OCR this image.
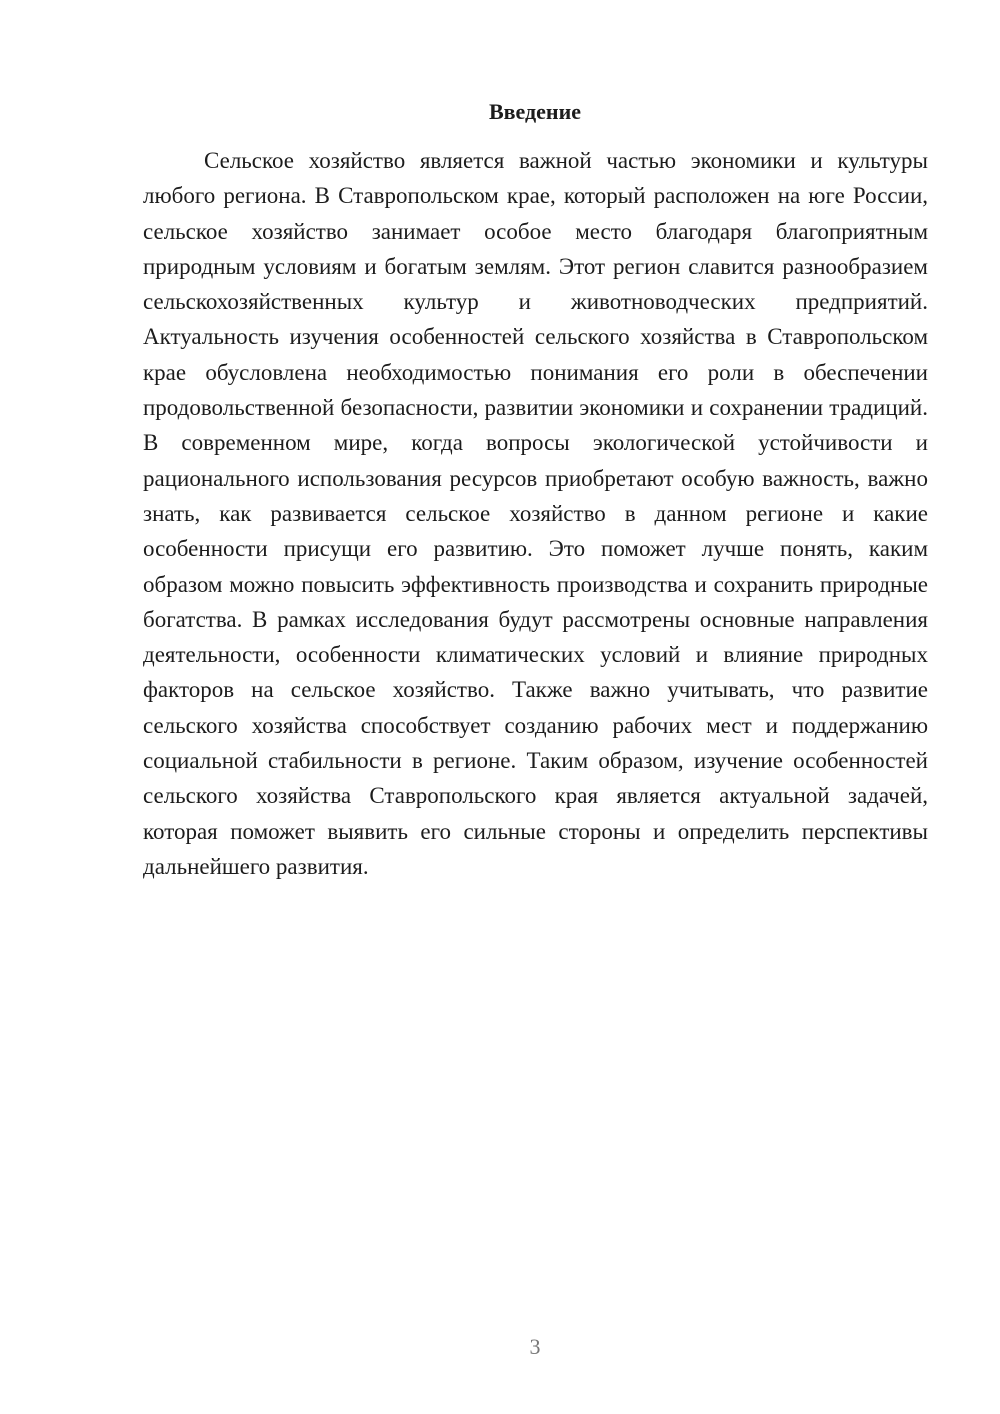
Введение

Сельское хозяйство является важной частью экономики и культуры любого региона. В Ставропольском крае, который расположен на юге России, сельское хозяйство занимает особое место благодаря благоприятным природным условиям и богатым землям. Этот регион славится разнообразием сельскохозяйственных культур и животноводческих предприятий. Актуальность изучения особенностей сельского хозяйства в Ставропольском крае обусловлена необходимостью понимания его роли в обеспечении продовольственной безопасности, развитии экономики и сохранении традиций. В современном мире, когда вопросы экологической устойчивости и рационального использования ресурсов приобретают особую важность, важно знать, как развивается сельское хозяйство в данном регионе и какие особенности присущи его развитию. Это поможет лучше понять, каким образом можно повысить эффективность производства и сохранить природные богатства. В рамках исследования будут рассмотрены основные направления деятельности, особенности климатических условий и влияние природных факторов на сельское хозяйство. Также важно учитывать, что развитие сельского хозяйства способствует созданию рабочих мест и поддержанию социальной стабильности в регионе. Таким образом, изучение особенностей сельского хозяйства Ставропольского края является актуальной задачей, которая поможет выявить его сильные стороны и определить перспективы дальнейшего развития.

3
